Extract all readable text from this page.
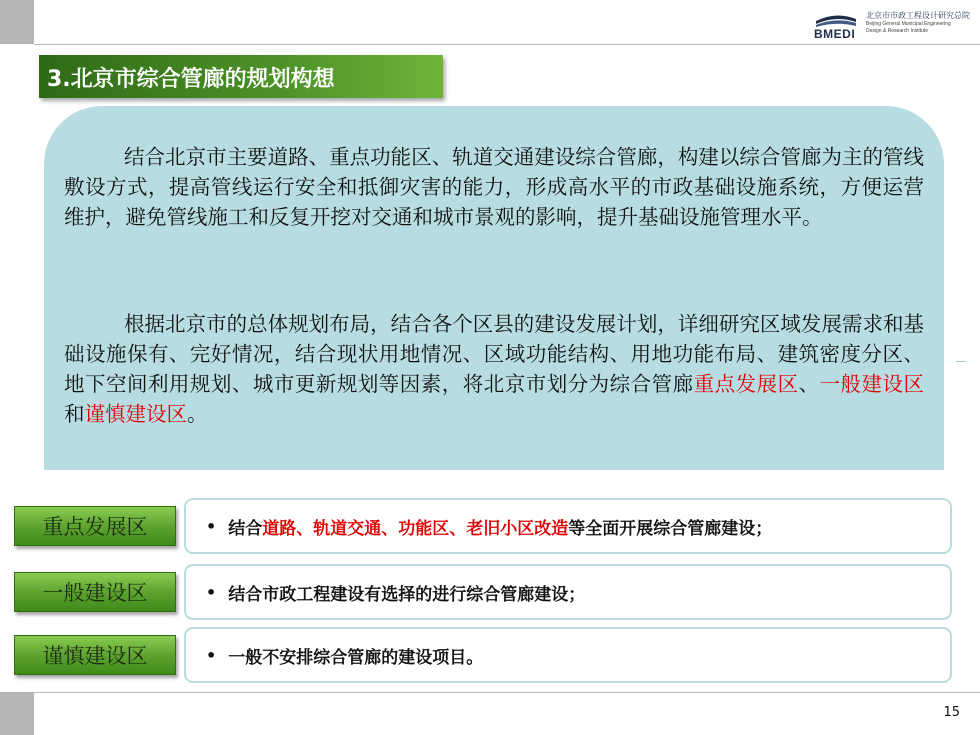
BMEDI
北京市市政工程设计研究总院
Beijing General Municipal Engineering
Design & Research Institute
3.北京市综合管廊的规划构想
结合北京市主要道路、重点功能区、轨道交通建设综合管廊，构建以综合管廊为主的管线敷设方式，提高管线运行安全和抵御灾害的能力，形成高水平的市政基础设施系统，方便运营维护，避免管线施工和反复开挖对交通和城市景观的影响，提升基础设施管理水平。
根据北京市的总体规划布局，结合各个区县的建设发展计划，详细研究区域发展需求和基础设施保有、完好情况，结合现状用地情况、区域功能结构、用地功能布局、建筑密度分区、地下空间利用规划、城市更新规划等因素，将北京市划分为综合管廊重点发展区、一般建设区和谨慎建设区。
重点发展区	• 结合道路、轨道交通、功能区、老旧小区改造等全面开展综合管廊建设；
一般建设区	• 结合市政工程建设有选择的进行综合管廊建设；
谨慎建设区	• 一般不安排综合管廊的建设项目。
15
